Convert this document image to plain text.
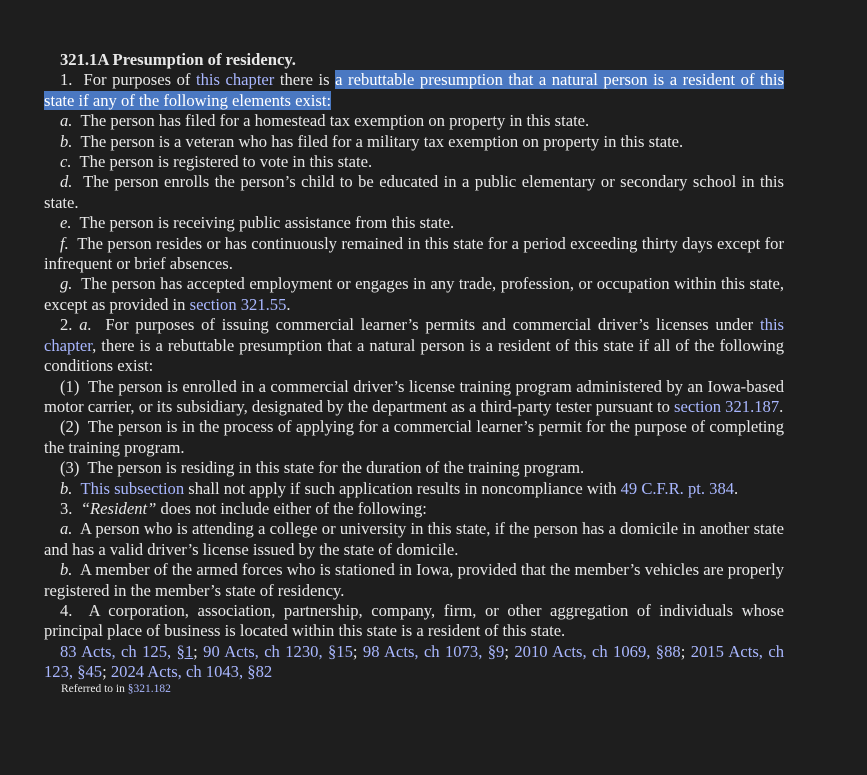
321.1A Presumption of residency.

1. For purposes of this chapter there is a rebuttable presumption that a natural person is a resident of this state if any of the following elements exist:

a. The person has filed for a homestead tax exemption on property in this state.

b. The person is a veteran who has filed for a military tax exemption on property in this state.

c. The person is registered to vote in this state.

d. The person enrolls the person’s child to be educated in a public elementary or secondary school in this state.

e. The person is receiving public assistance from this state.

f. The person resides or has continuously remained in this state for a period exceeding thirty days except for infrequent or brief absences.

g. The person has accepted employment or engages in any trade, profession, or occupation within this state, except as provided in section 321.55.

2. a. For purposes of issuing commercial learner’s permits and commercial driver’s licenses under this chapter, there is a rebuttable presumption that a natural person is a resident of this state if all of the following conditions exist:

(1) The person is enrolled in a commercial driver’s license training program administered by an Iowa-based motor carrier, or its subsidiary, designated by the department as a third-party tester pursuant to section 321.187.

(2) The person is in the process of applying for a commercial learner’s permit for the purpose of completing the training program.

(3) The person is residing in this state for the duration of the training program.

b. This subsection shall not apply if such application results in noncompliance with 49 C.F.R. pt. 384.

3. “Resident” does not include either of the following:

a. A person who is attending a college or university in this state, if the person has a domicile in another state and has a valid driver’s license issued by the state of domicile.

b. A member of the armed forces who is stationed in Iowa, provided that the member’s vehicles are properly registered in the member’s state of residency.

4. A corporation, association, partnership, company, firm, or other aggregation of individuals whose principal place of business is located within this state is a resident of this state.

83 Acts, ch 125, §1; 90 Acts, ch 1230, §15; 98 Acts, ch 1073, §9; 2010 Acts, ch 1069, §88; 2015 Acts, ch 123, §45; 2024 Acts, ch 1043, §82

Referred to in §321.182
